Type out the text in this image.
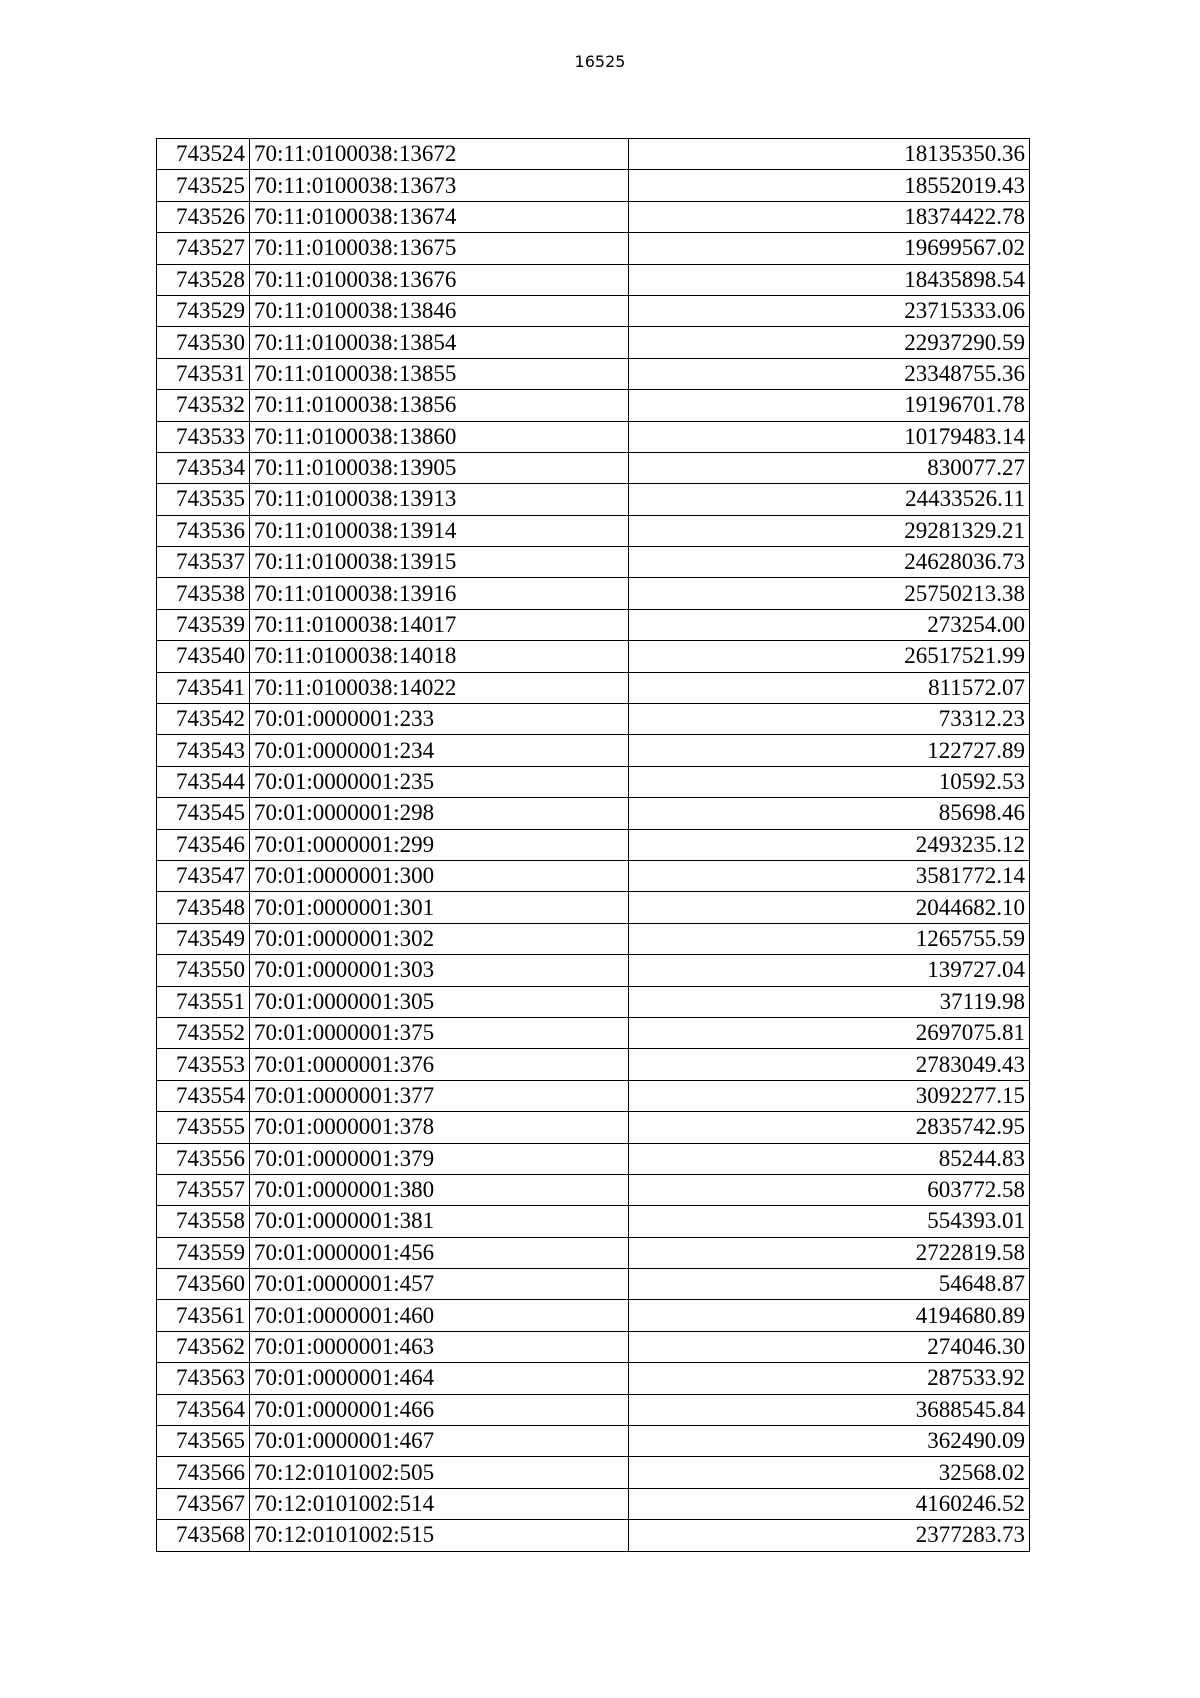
16525
743524	70:11:0100038:13672	18135350.36
743525	70:11:0100038:13673	18552019.43
743526	70:11:0100038:13674	18374422.78
743527	70:11:0100038:13675	19699567.02
743528	70:11:0100038:13676	18435898.54
743529	70:11:0100038:13846	23715333.06
743530	70:11:0100038:13854	22937290.59
743531	70:11:0100038:13855	23348755.36
743532	70:11:0100038:13856	19196701.78
743533	70:11:0100038:13860	10179483.14
743534	70:11:0100038:13905	830077.27
743535	70:11:0100038:13913	24433526.11
743536	70:11:0100038:13914	29281329.21
743537	70:11:0100038:13915	24628036.73
743538	70:11:0100038:13916	25750213.38
743539	70:11:0100038:14017	273254.00
743540	70:11:0100038:14018	26517521.99
743541	70:11:0100038:14022	811572.07
743542	70:01:0000001:233	73312.23
743543	70:01:0000001:234	122727.89
743544	70:01:0000001:235	10592.53
743545	70:01:0000001:298	85698.46
743546	70:01:0000001:299	2493235.12
743547	70:01:0000001:300	3581772.14
743548	70:01:0000001:301	2044682.10
743549	70:01:0000001:302	1265755.59
743550	70:01:0000001:303	139727.04
743551	70:01:0000001:305	37119.98
743552	70:01:0000001:375	2697075.81
743553	70:01:0000001:376	2783049.43
743554	70:01:0000001:377	3092277.15
743555	70:01:0000001:378	2835742.95
743556	70:01:0000001:379	85244.83
743557	70:01:0000001:380	603772.58
743558	70:01:0000001:381	554393.01
743559	70:01:0000001:456	2722819.58
743560	70:01:0000001:457	54648.87
743561	70:01:0000001:460	4194680.89
743562	70:01:0000001:463	274046.30
743563	70:01:0000001:464	287533.92
743564	70:01:0000001:466	3688545.84
743565	70:01:0000001:467	362490.09
743566	70:12:0101002:505	32568.02
743567	70:12:0101002:514	4160246.52
743568	70:12:0101002:515	2377283.73
